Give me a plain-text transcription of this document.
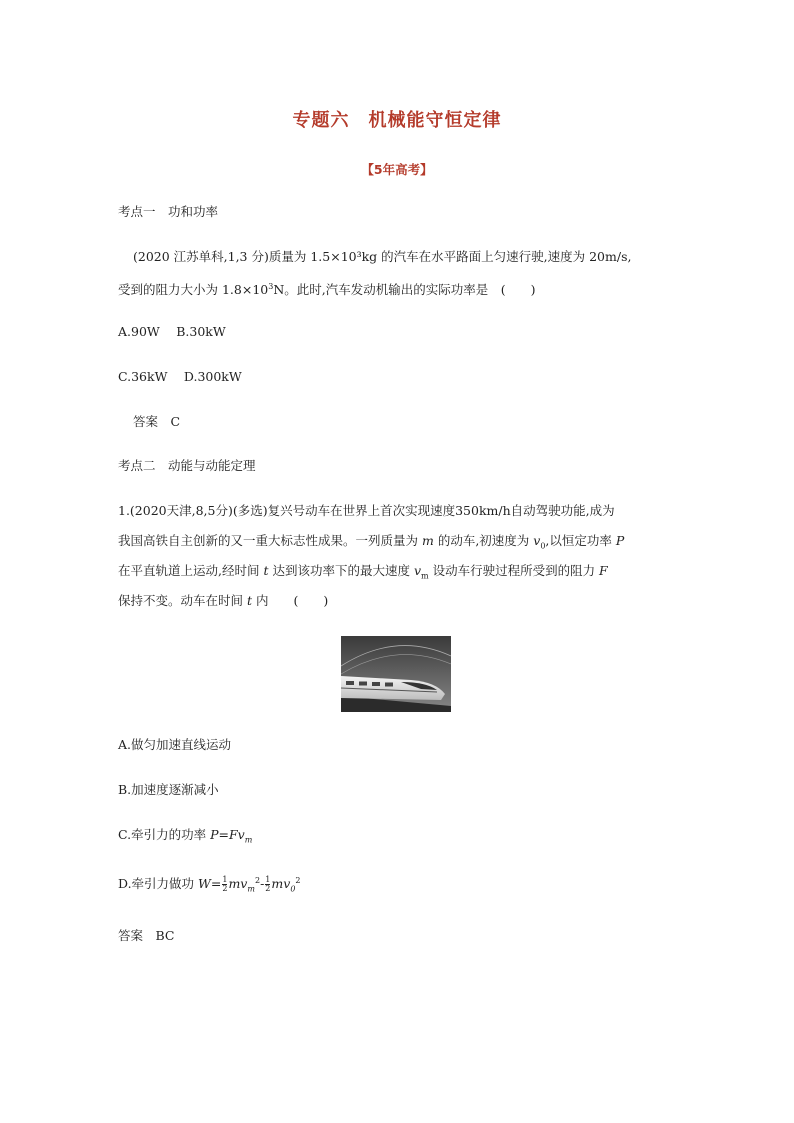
专题六　机械能守恒定律
【5年高考】
考点一　功和功率
(2020 江苏单科,1,3 分)质量为 1.5×10³kg 的汽车在水平路面上匀速行驶,速度为 20m/s,
受到的阻力大小为 $1.8\times 10^3N$。此时,汽车发动机输出的实际功率是　(　　)
A.90W　 B.30kW
C.36kW　 D.300kW
答案　C
考点二　动能与动能定理
1.(2020天津,8,5分)(多选)复兴号动车在世界上首次实现速度350km/h自动驾驶功能,成为
我国高铁自主创新的又一重大标志性成果。一列质量为 m 的动车,初速度为 $v_0$,以恒定功率 P
在平直轨道上运动,经时间 t 达到该功率下的最大速度 $v_m$ 设动车行驶过程所受到的阻力 F
保持不变。动车在时间 t 内　　(　　)
A.做匀加速直线运动
B.加速度逐渐减小
C.牵引力的功率 $P=Fv_m$
D.牵引力做功 $W= \frac{1}{2} mv_m^2- \frac{1}{2} mv_0^2$
答案　BC
